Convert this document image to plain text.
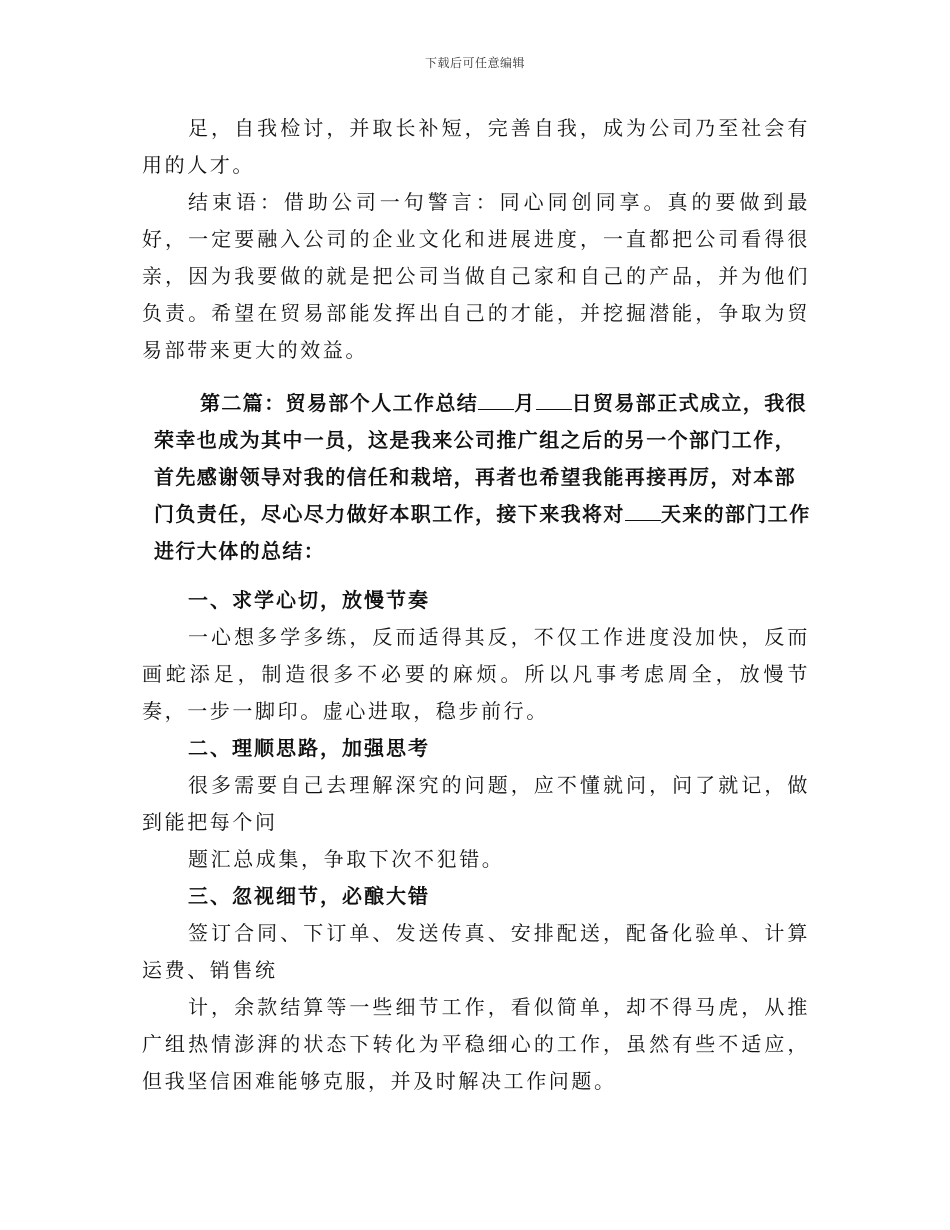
下载后可任意编辑

足，自我检讨，并取长补短，完善自我，成为公司乃至社会有用的人才。

结束语：借助公司一句警言：同心同创同享。真的要做到最好，一定要融入公司的企业文化和进展进度，一直都把公司看得很亲，因为我要做的就是把公司当做自己家和自己的产品，并为他们负责。希望在贸易部能发挥出自己的才能，并挖掘潜能，争取为贸易部带来更大的效益。

第二篇：贸易部个人工作总结 月 日贸易部正式成立，我很荣幸也成为其中一员，这是我来公司推广组之后的另一个部门工作，首先感谢领导对我的信任和栽培，再者也希望我能再接再厉，对本部门负责任，尽心尽力做好本职工作，接下来我将对 天来的部门工作进行大体的总结：

一、求学心切，放慢节奏

一心想多学多练，反而适得其反，不仅工作进度没加快，反而画蛇添足，制造很多不必要的麻烦。所以凡事考虑周全，放慢节奏，一步一脚印。虚心进取，稳步前行。

二、理顺思路，加强思考

很多需要自己去理解深究的问题，应不懂就问，问了就记，做到能把每个问

题汇总成集，争取下次不犯错。

三、忽视细节，必酿大错

签订合同、下订单、发送传真、安排配送，配备化验单、计算运费、销售统

计，余款结算等一些细节工作，看似简单，却不得马虎，从推广组热情澎湃的状态下转化为平稳细心的工作，虽然有些不适应，但我坚信困难能够克服，并及时解决工作问题。
